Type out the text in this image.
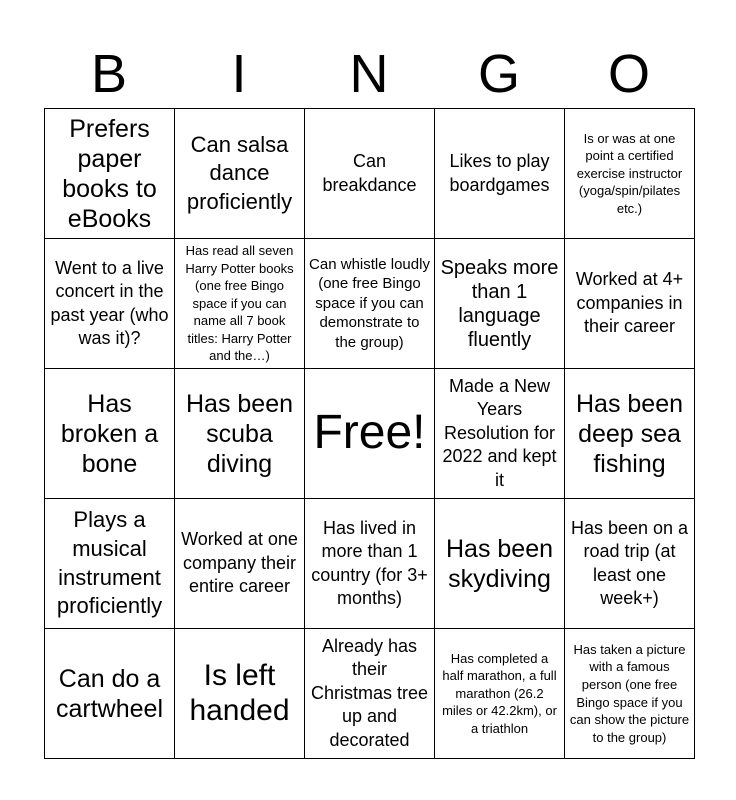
B	I	N	G	O
Prefers paper books to eBooks	Can salsa dance proficiently	Can breakdance	Likes to play boardgames	Is or was at one point a certified exercise instructor (yoga/spin/pilates etc.)
Went to a live concert in the past year (who was it)?	Has read all seven Harry Potter books (one free Bingo space if you can name all 7 book titles: Harry Potter and the…)	Can whistle loudly (one free Bingo space if you can demonstrate to the group)	Speaks more than 1 language fluently	Worked at 4+ companies in their career
Has broken a bone	Has been scuba diving	Free!	Made a New Years Resolution for 2022 and kept it	Has been deep sea fishing
Plays a musical instrument proficiently	Worked at one company their entire career	Has lived in more than 1 country (for 3+ months)	Has been skydiving	Has been on a road trip (at least one week+)
Can do a cartwheel	Is left handed	Already has their Christmas tree up and decorated	Has completed a half marathon, a full marathon (26.2 miles or 42.2km), or a triathlon	Has taken a picture with a famous person (one free Bingo space if you can show the picture to the group)
